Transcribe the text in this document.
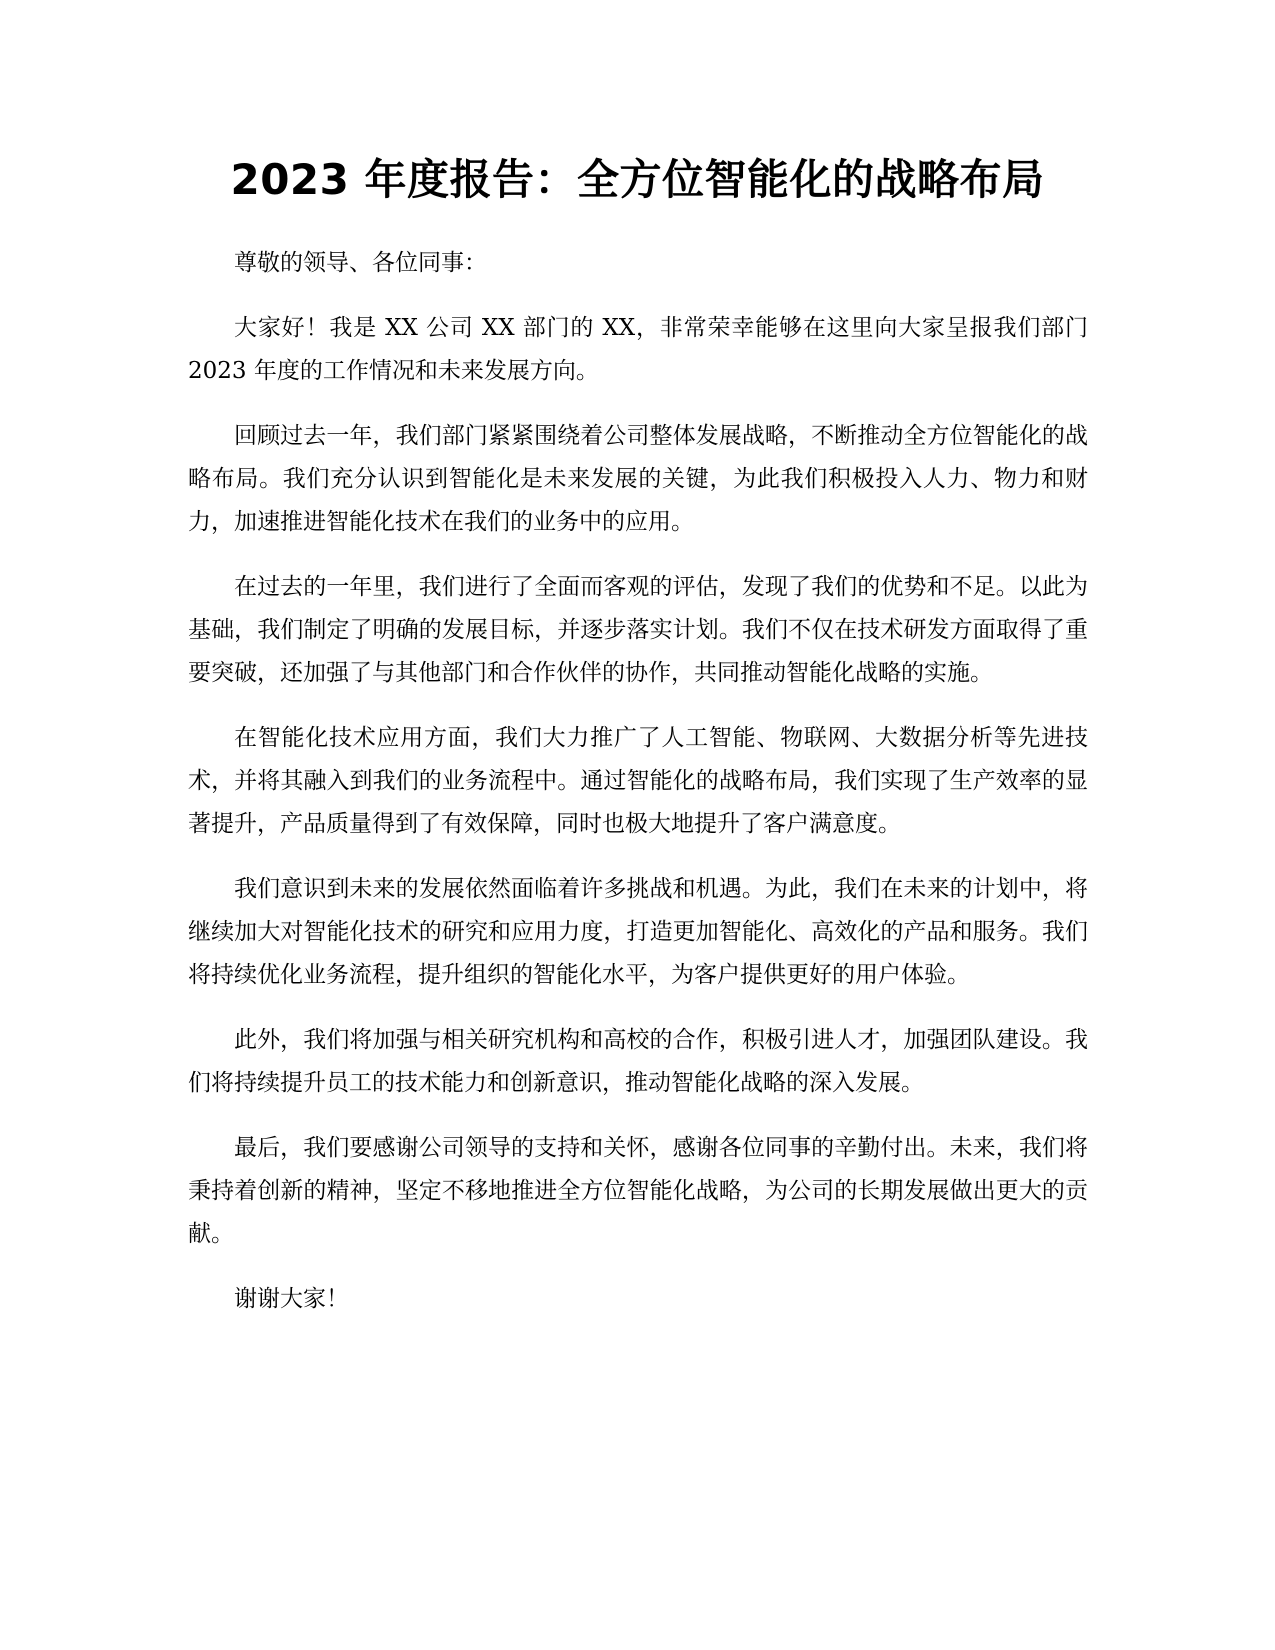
2023 年度报告：全方位智能化的战略布局

尊敬的领导、各位同事：

大家好！我是 XX 公司 XX 部门的 XX，非常荣幸能够在这里向大家呈报我们部门 2023 年度的工作情况和未来发展方向。

回顾过去一年，我们部门紧紧围绕着公司整体发展战略，不断推动全方位智能化的战略布局。我们充分认识到智能化是未来发展的关键，为此我们积极投入人力、物力和财力，加速推进智能化技术在我们的业务中的应用。

在过去的一年里，我们进行了全面而客观的评估，发现了我们的优势和不足。以此为基础，我们制定了明确的发展目标，并逐步落实计划。我们不仅在技术研发方面取得了重要突破，还加强了与其他部门和合作伙伴的协作，共同推动智能化战略的实施。

在智能化技术应用方面，我们大力推广了人工智能、物联网、大数据分析等先进技术，并将其融入到我们的业务流程中。通过智能化的战略布局，我们实现了生产效率的显著提升，产品质量得到了有效保障，同时也极大地提升了客户满意度。

我们意识到未来的发展依然面临着许多挑战和机遇。为此，我们在未来的计划中，将继续加大对智能化技术的研究和应用力度，打造更加智能化、高效化的产品和服务。我们将持续优化业务流程，提升组织的智能化水平，为客户提供更好的用户体验。

此外，我们将加强与相关研究机构和高校的合作，积极引进人才，加强团队建设。我们将持续提升员工的技术能力和创新意识，推动智能化战略的深入发展。

最后，我们要感谢公司领导的支持和关怀，感谢各位同事的辛勤付出。未来，我们将秉持着创新的精神，坚定不移地推进全方位智能化战略，为公司的长期发展做出更大的贡献。

谢谢大家！
